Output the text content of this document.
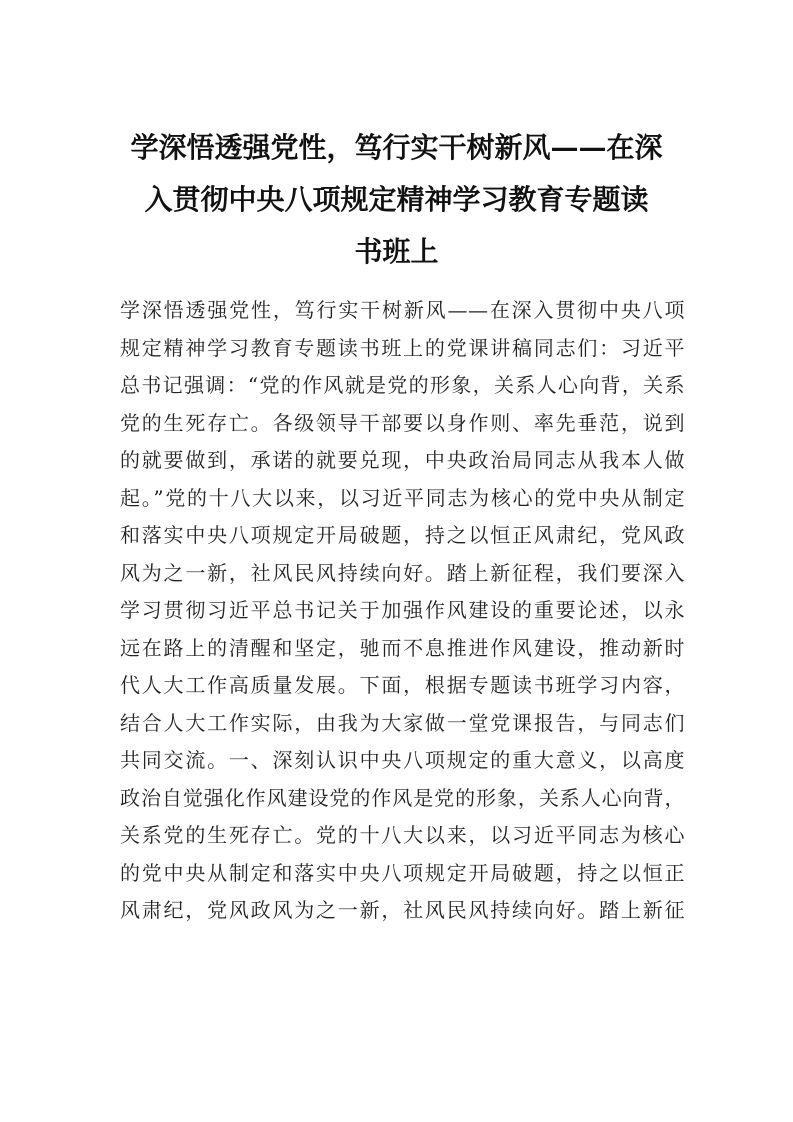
学深悟透强党性，笃行实干树新风——在深
入贯彻中央八项规定精神学习教育专题读
书班上
学深悟透强党性，笃行实干树新风——在深入贯彻中央八项
规定精神学习教育专题读书班上的党课讲稿同志们：习近平
总书记强调：“党的作风就是党的形象，关系人心向背，关系
党的生死存亡。各级领导干部要以身作则、率先垂范，说到
的就要做到，承诺的就要兑现，中央政治局同志从我本人做
起。”党的十八大以来，以习近平同志为核心的党中央从制定
和落实中央八项规定开局破题，持之以恒正风肃纪，党风政
风为之一新，社风民风持续向好。踏上新征程，我们要深入
学习贯彻习近平总书记关于加强作风建设的重要论述，以永
远在路上的清醒和坚定，驰而不息推进作风建设，推动新时
代人大工作高质量发展。下面，根据专题读书班学习内容，
结合人大工作实际，由我为大家做一堂党课报告，与同志们
共同交流。一、深刻认识中央八项规定的重大意义，以高度
政治自觉强化作风建设党的作风是党的形象，关系人心向背，
关系党的生死存亡。党的十八大以来，以习近平同志为核心
的党中央从制定和落实中央八项规定开局破题，持之以恒正
风肃纪，党风政风为之一新，社风民风持续向好。踏上新征
